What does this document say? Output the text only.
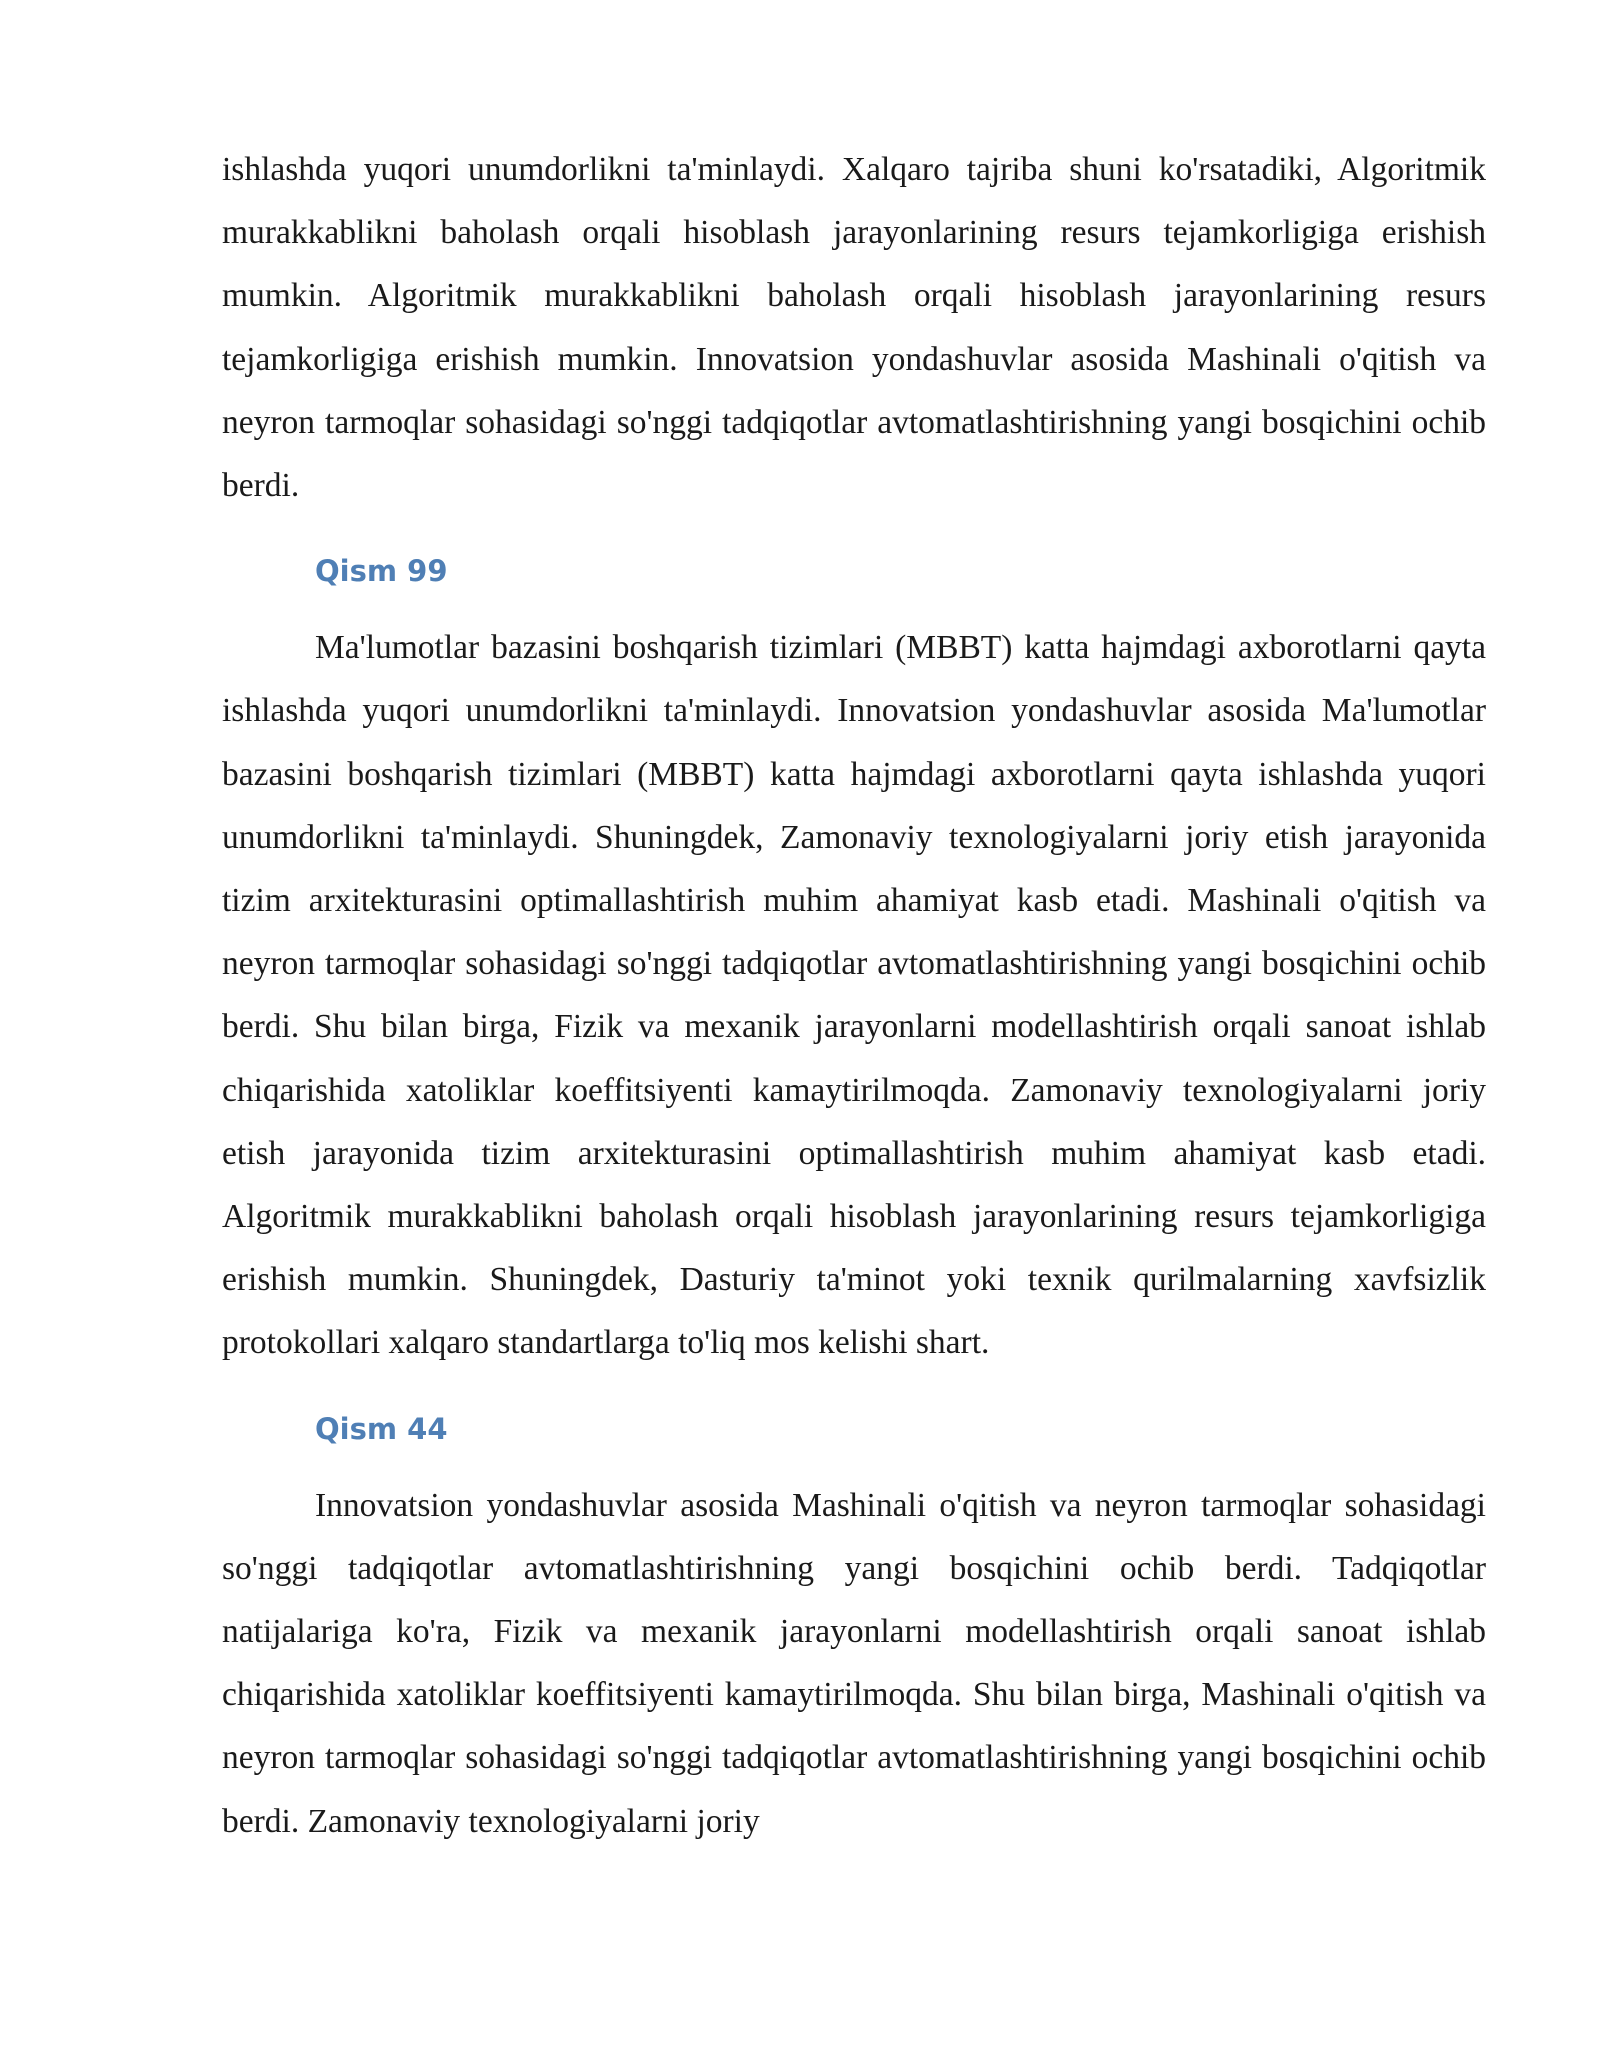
ishlashda yuqori unumdorlikni ta'minlaydi. Xalqaro tajriba shuni ko'rsatadiki, Algoritmik murakkablikni baholash orqali hisoblash jarayonlarining resurs tejamkorligiga erishish mumkin. Algoritmik murakkablikni baholash orqali hisoblash jarayonlarining resurs tejamkorligiga erishish mumkin. Innovatsion yondashuvlar asosida Mashinali o'qitish va neyron tarmoqlar sohasidagi so'nggi tadqiqotlar avtomatlashtirishning yangi bosqichini ochib berdi.

Qism 99

Ma'lumotlar bazasini boshqarish tizimlari (MBBT) katta hajmdagi axborotlarni qayta ishlashda yuqori unumdorlikni ta'minlaydi. Innovatsion yondashuvlar asosida Ma'lumotlar bazasini boshqarish tizimlari (MBBT) katta hajmdagi axborotlarni qayta ishlashda yuqori unumdorlikni ta'minlaydi. Shuningdek, Zamonaviy texnologiyalarni joriy etish jarayonida tizim arxitekturasini optimallashtirish muhim ahamiyat kasb etadi. Mashinali o'qitish va neyron tarmoqlar sohasidagi so'nggi tadqiqotlar avtomatlashtirishning yangi bosqichini ochib berdi. Shu bilan birga, Fizik va mexanik jarayonlarni modellashtirish orqali sanoat ishlab chiqarishida xatoliklar koeffitsiyenti kamaytirilmoqda. Zamonaviy texnologiyalarni joriy etish jarayonida tizim arxitekturasini optimallashtirish muhim ahamiyat kasb etadi. Algoritmik murakkablikni baholash orqali hisoblash jarayonlarining resurs tejamkorligiga erishish mumkin. Shuningdek, Dasturiy ta'minot yoki texnik qurilmalarning xavfsizlik protokollari xalqaro standartlarga to'liq mos kelishi shart.

Qism 44

Innovatsion yondashuvlar asosida Mashinali o'qitish va neyron tarmoqlar sohasidagi so'nggi tadqiqotlar avtomatlashtirishning yangi bosqichini ochib berdi. Tadqiqotlar natijalariga ko'ra, Fizik va mexanik jarayonlarni modellashtirish orqali sanoat ishlab chiqarishida xatoliklar koeffitsiyenti kamaytirilmoqda. Shu bilan birga, Mashinali o'qitish va neyron tarmoqlar sohasidagi so'nggi tadqiqotlar avtomatlashtirishning yangi bosqichini ochib berdi. Zamonaviy texnologiyalarni joriy
